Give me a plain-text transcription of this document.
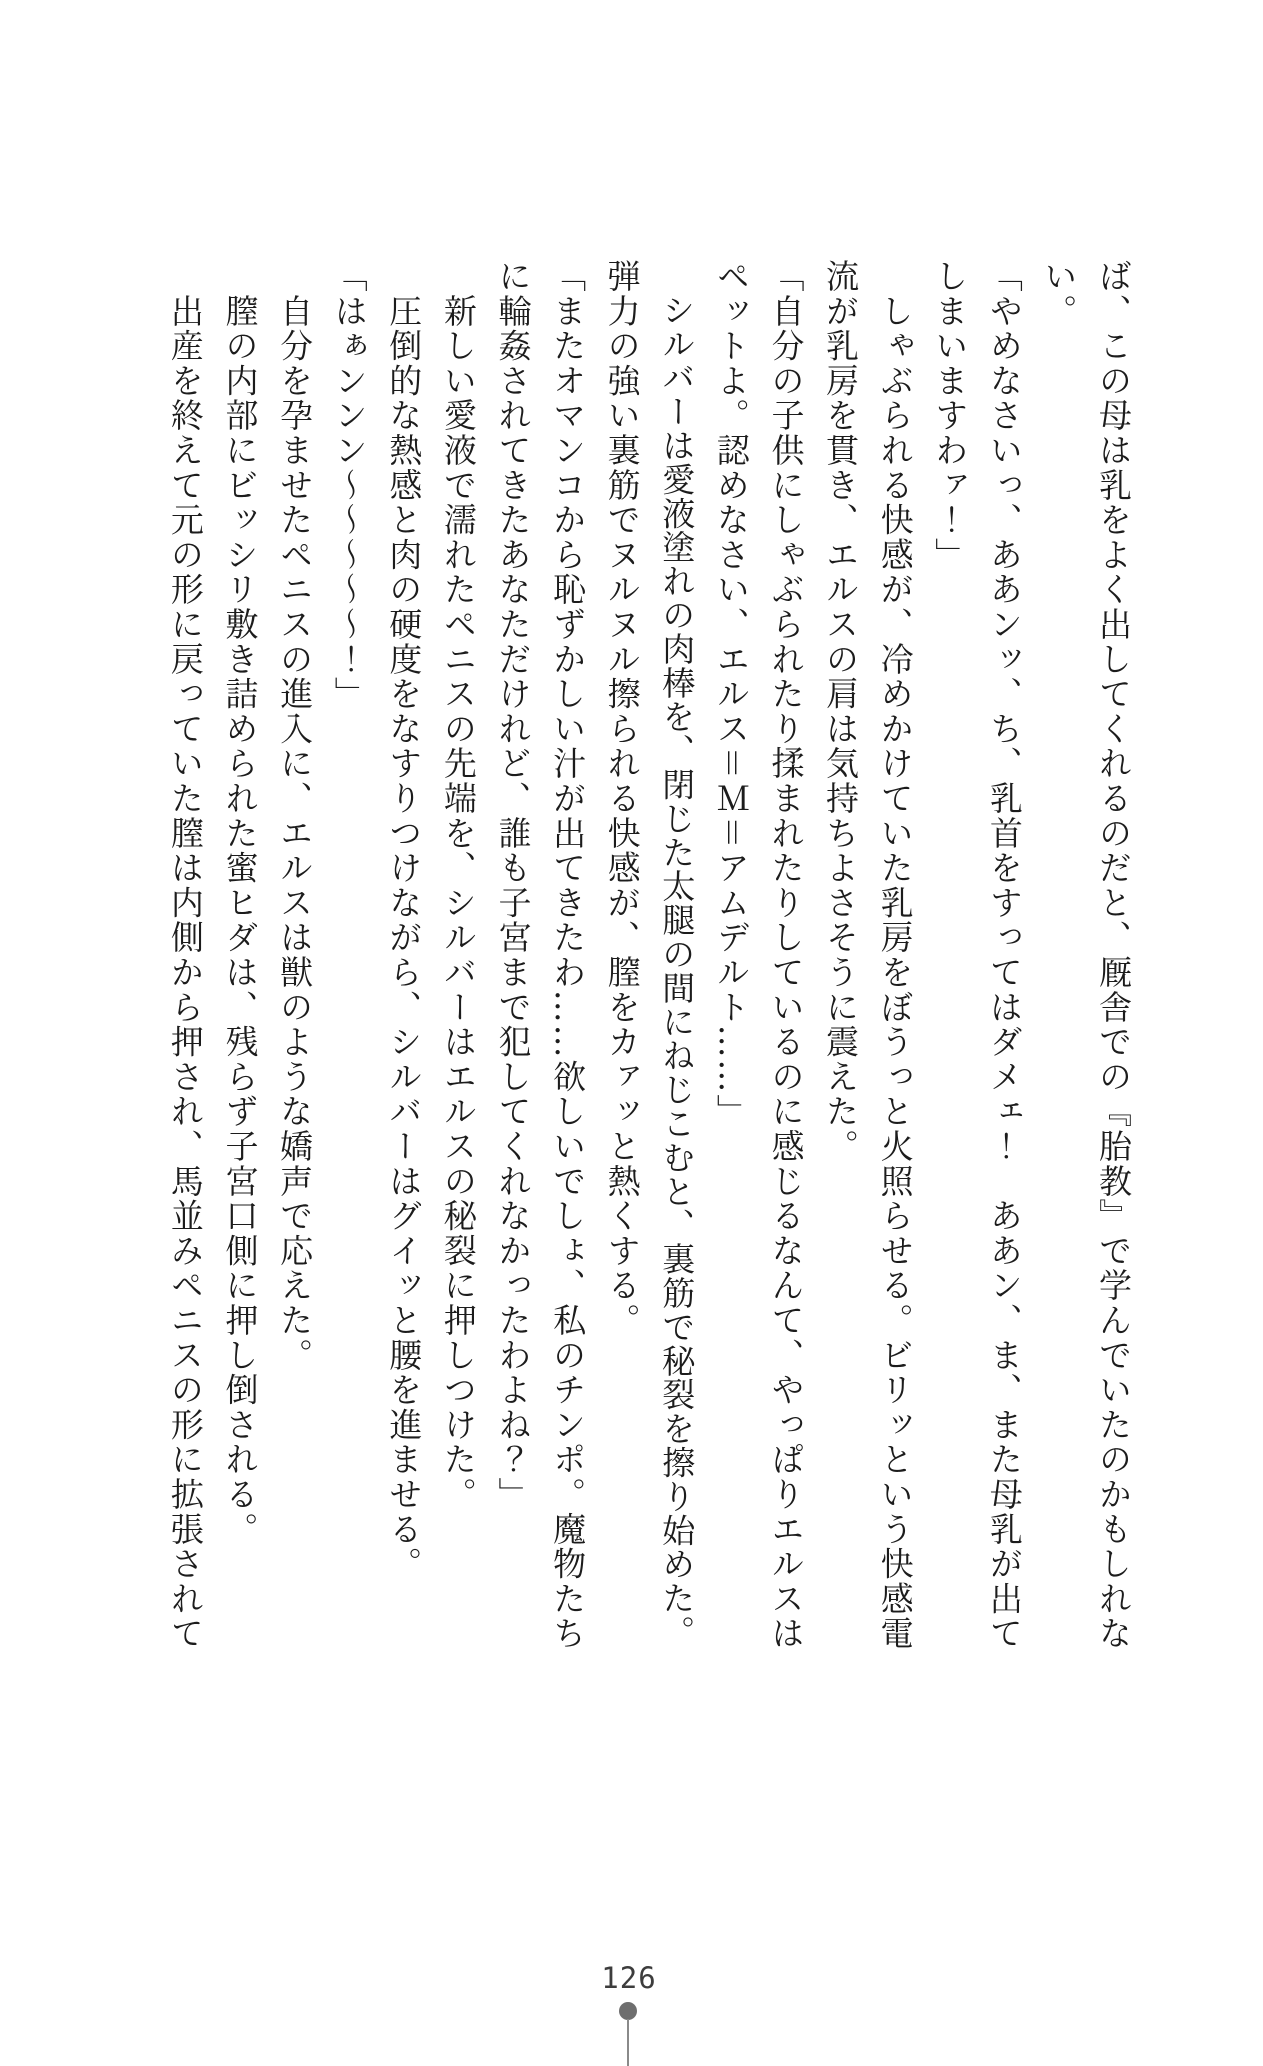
ば、この母は乳をよく出してくれるのだと、厩舎での『胎教』で学んでいたのかもしれな
い。
「やめなさいっ、ああンッ、ち、乳首をすってはダメェ！　ああン、ま、また母乳が出て
しまいますわァ！」
　しゃぶられる快感が、冷めかけていた乳房をぼうっと火照らせる。ビリッという快感電
流が乳房を貫き、エルスの肩は気持ちよさそうに震えた。
「自分の子供にしゃぶられたり揉まれたりしているのに感じるなんて、やっぱりエルスは
ペットよ。認めなさい、エルス＝Ｍ＝アムデルト……」
　シルバーは愛液塗れの肉棒を、閉じた太腿の間にねじこむと、裏筋で秘裂を擦り始めた。
弾力の強い裏筋でヌルヌル擦られる快感が、膣をカァッと熱くする。
「またオマンコから恥ずかしい汁が出てきたわ……欲しいでしょ、私のチンポ。魔物たち
に輪姦されてきたあなただけれど、誰も子宮まで犯してくれなかったわよね？」
　新しい愛液で濡れたペニスの先端を、シルバーはエルスの秘裂に押しつけた。
　圧倒的な熱感と肉の硬度をなすりつけながら、シルバーはグイッと腰を進ませる。
「はぁンンン〜〜〜〜〜！」
　自分を孕ませたペニスの進入に、エルスは獣のような嬌声で応えた。
　膣の内部にビッシリ敷き詰められた蜜ヒダは、残らず子宮口側に押し倒される。
　出産を終えて元の形に戻っていた膣は内側から押され、馬並みペニスの形に拡張されて
126
